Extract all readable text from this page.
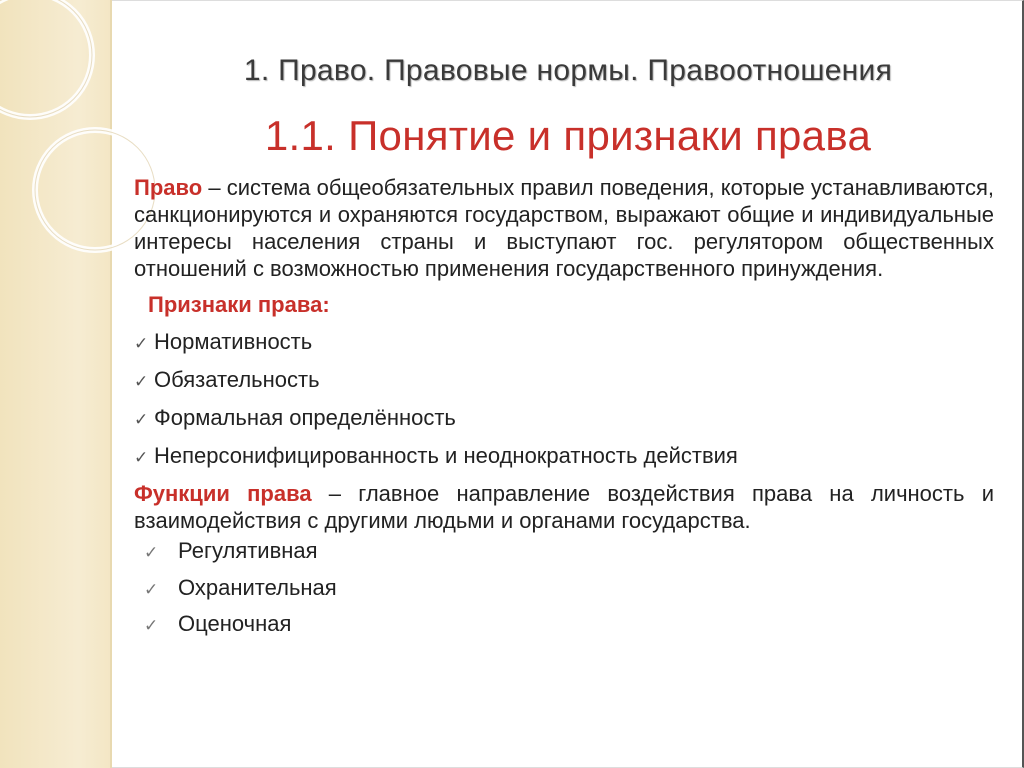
1. Право. Правовые нормы. Правоотношения
1.1. Понятие и признаки права
Право – система общеобязательных правил поведения, которые устанавливаются, санкционируются и охраняются государством, выражают общие и индивидуальные интересы населения страны и выступают гос. регулятором общественных отношений с возможностью применения государственного принуждения.
Признаки права:
✓ Нормативность
✓ Обязательность
✓ Формальная определённость
✓ Неперсонифицированность и неоднократность действия
Функции права – главное направление воздействия права на личность и взаимодействия с другими людьми и органами государства.
✓ Регулятивная
✓ Охранительная
✓ Оценочная
